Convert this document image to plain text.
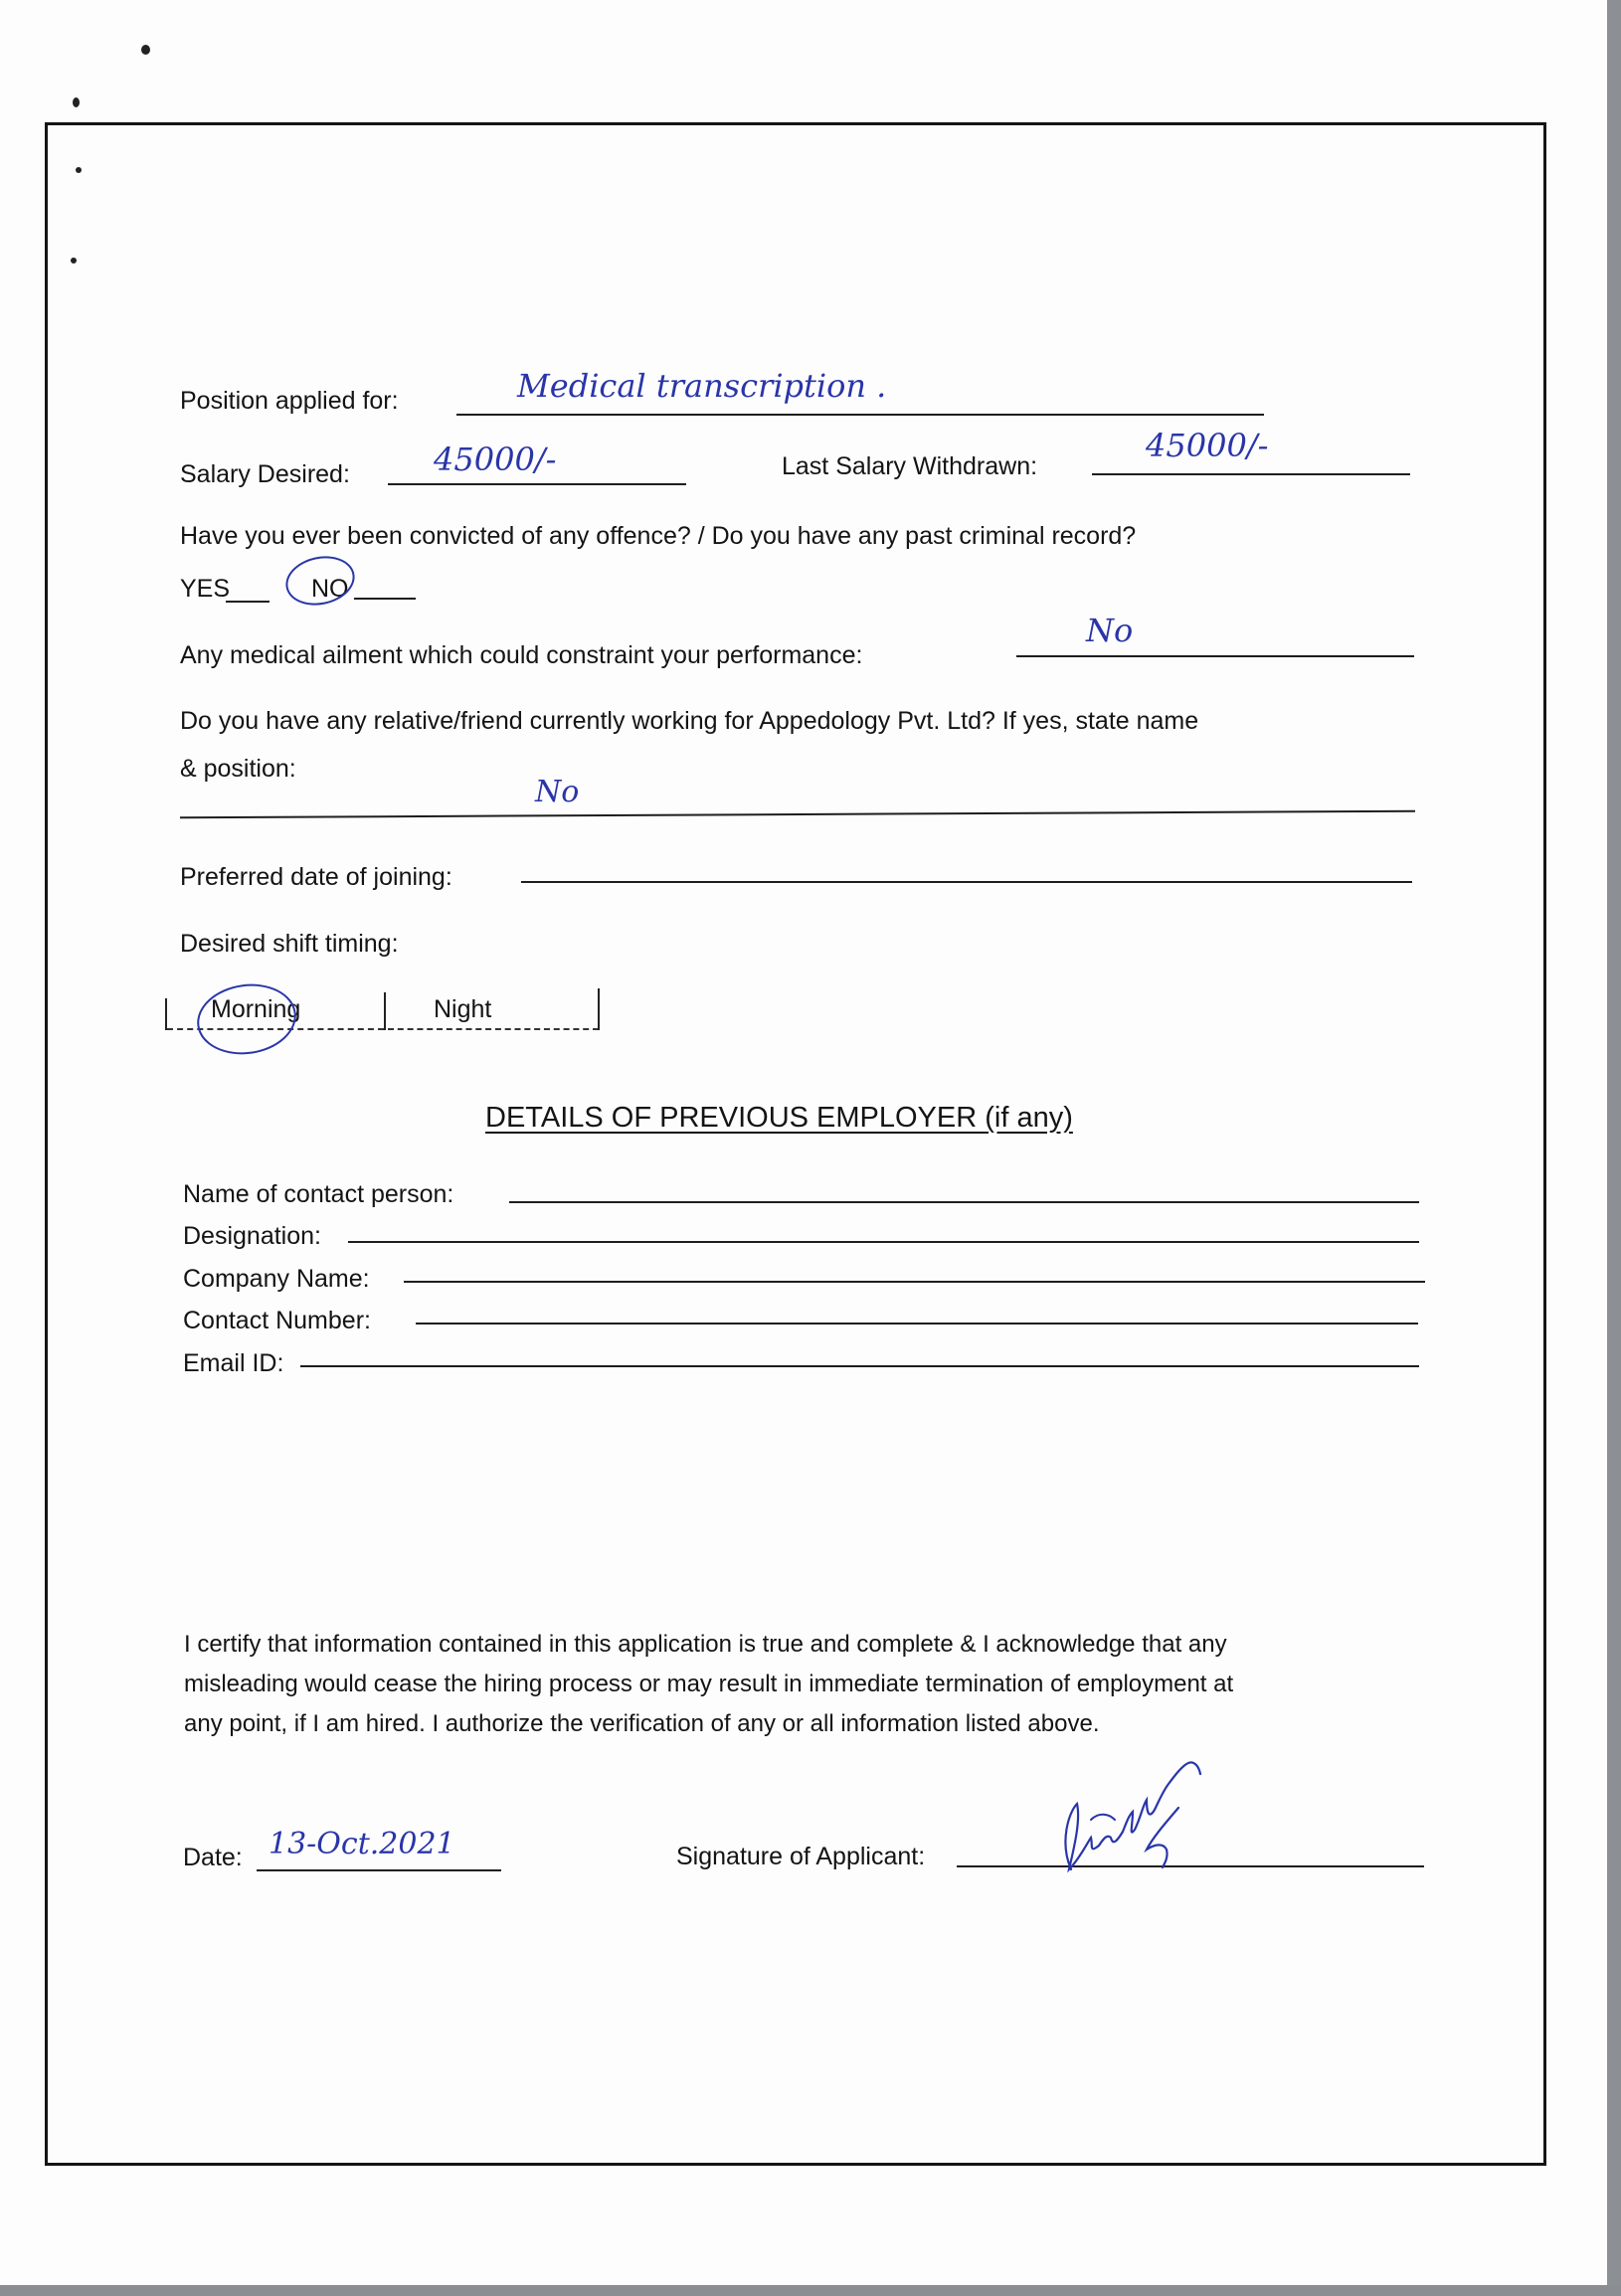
Position applied for:	Medical transcription .
Salary Desired:	45000/-	Last Salary Withdrawn:
45000/-
Have you ever been convicted of any offence? / Do you have any past criminal record?
YES	NO
Any medical ailment which could constraint your performance:
No
Do you have any relative/friend currently working for Appedology Pvt. Ltd? If yes, state name
& position:
No
Preferred date of joining:
Desired shift timing:
Morning	Night
DETAILS OF PREVIOUS EMPLOYER (if any)
Name of contact person:
Designation:
Company Name:
Contact Number:
Email ID:
I certify that information contained in this application is true and complete & I acknowledge that any
misleading would cease the hiring process or may result in immediate termination of employment at
any point, if I am hired. I authorize the verification of any or all information listed above.
Date: 13-Oct.2021	Signature of Applicant:
